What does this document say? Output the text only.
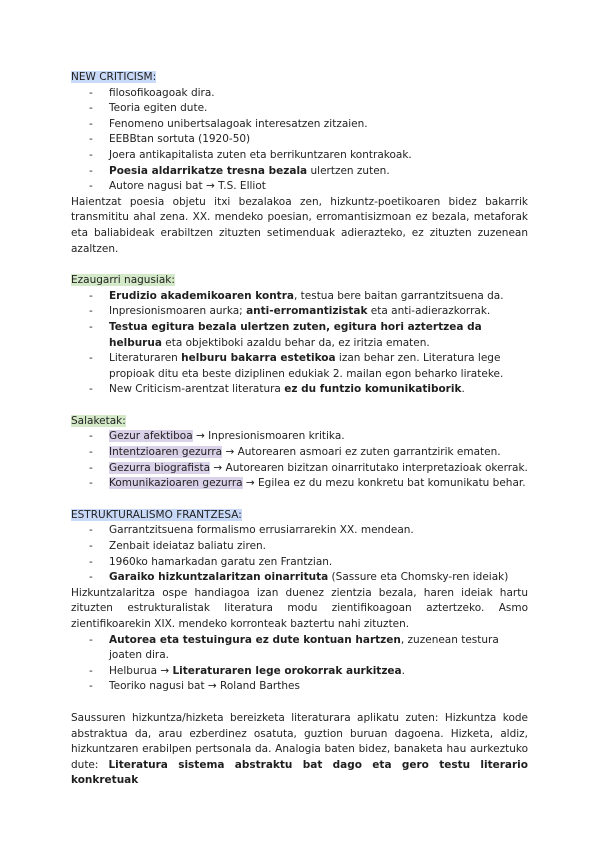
NEW CRITICISM:
- filosofikoagoak dira.
- Teoria egiten dute.
- Fenomeno unibertsalagoak interesatzen zitzaien.
- EEBBtan sortuta (1920-50)
- Joera antikapitalista zuten eta berrikuntzaren kontrakoak.
- Poesia aldarrikatze tresna bezala ulertzen zuten.
- Autore nagusi bat → T.S. Elliot

Haientzat poesia objetu itxi bezalakoa zen, hizkuntz-poetikoaren bidez bakarrik transmititu ahal zena. XX. mendeko poesian, erromantisizmoan ez bezala, metaforak eta baliabideak erabiltzen zituzten setimenduak adierazteko, ez zituzten zuzenean azaltzen.

Ezaugarri nagusiak:
- Erudizio akademikoaren kontra, testua bere baitan garrantzitsuena da.
- Inpresionismoaren aurka; anti-erromantizistak eta anti-adierazkorrak.
- Testua egitura bezala ulertzen zuten, egitura hori aztertzea da helburua eta objektiboki azaldu behar da, ez iritzia ematen.
- Literaturaren helburu bakarra estetikoa izan behar zen. Literatura lege propioak ditu eta beste diziplinen edukiak 2. mailan egon beharko lirateke.
- New Criticism-arentzat literatura ez du funtzio komunikatiborik.
Salaketak:
- Gezur afektiboa → Inpresionismoaren kritika.
- Intentzioaren gezurra → Autorearen asmoari ez zuten garrantzirik ematen.
- Gezurra biografista → Autorearen bizitzan oinarritutako interpretazioak okerrak.
- Komunikazioaren gezurra → Egilea ez du mezu konkretu bat komunikatu behar.
ESTRUKTURALISMO FRANTZESA:
- Garrantzitsuena formalismo errusiarrarekin XX. mendean.
- Zenbait ideiataz baliatu ziren.
- 1960ko hamarkadan garatu zen Frantzian.
- Garaiko hizkuntzalaritzan oinarrituta (Sassure eta Chomsky-ren ideiak)

Hizkuntzalaritza ospe handiagoa izan duenez zientzia bezala, haren ideiak hartu zituzten estrukturalistak literatura modu zientifikoagoan aztertzeko. Asmo zientifikoarekin XIX. mendeko korronteak baztertu nahi zituzten.

- Autorea eta testuingura ez dute kontuan hartzen, zuzenean testura joaten dira.
- Helburua → Literaturaren lege orokorrak aurkitzea.
- Teoriko nagusi bat → Roland Barthes

Saussuren hizkuntza/hizketa bereizketa literaturara aplikatu zuten: Hizkuntza kode abstraktua da, arau ezberdinez osatuta, guztion buruan dagoena. Hizketa, aldiz, hizkuntzaren erabilpen pertsonala da. Analogia baten bidez, banaketa hau aurkeztuko dute: Literatura sistema abstraktu bat dago eta gero testu literario konkretuak
